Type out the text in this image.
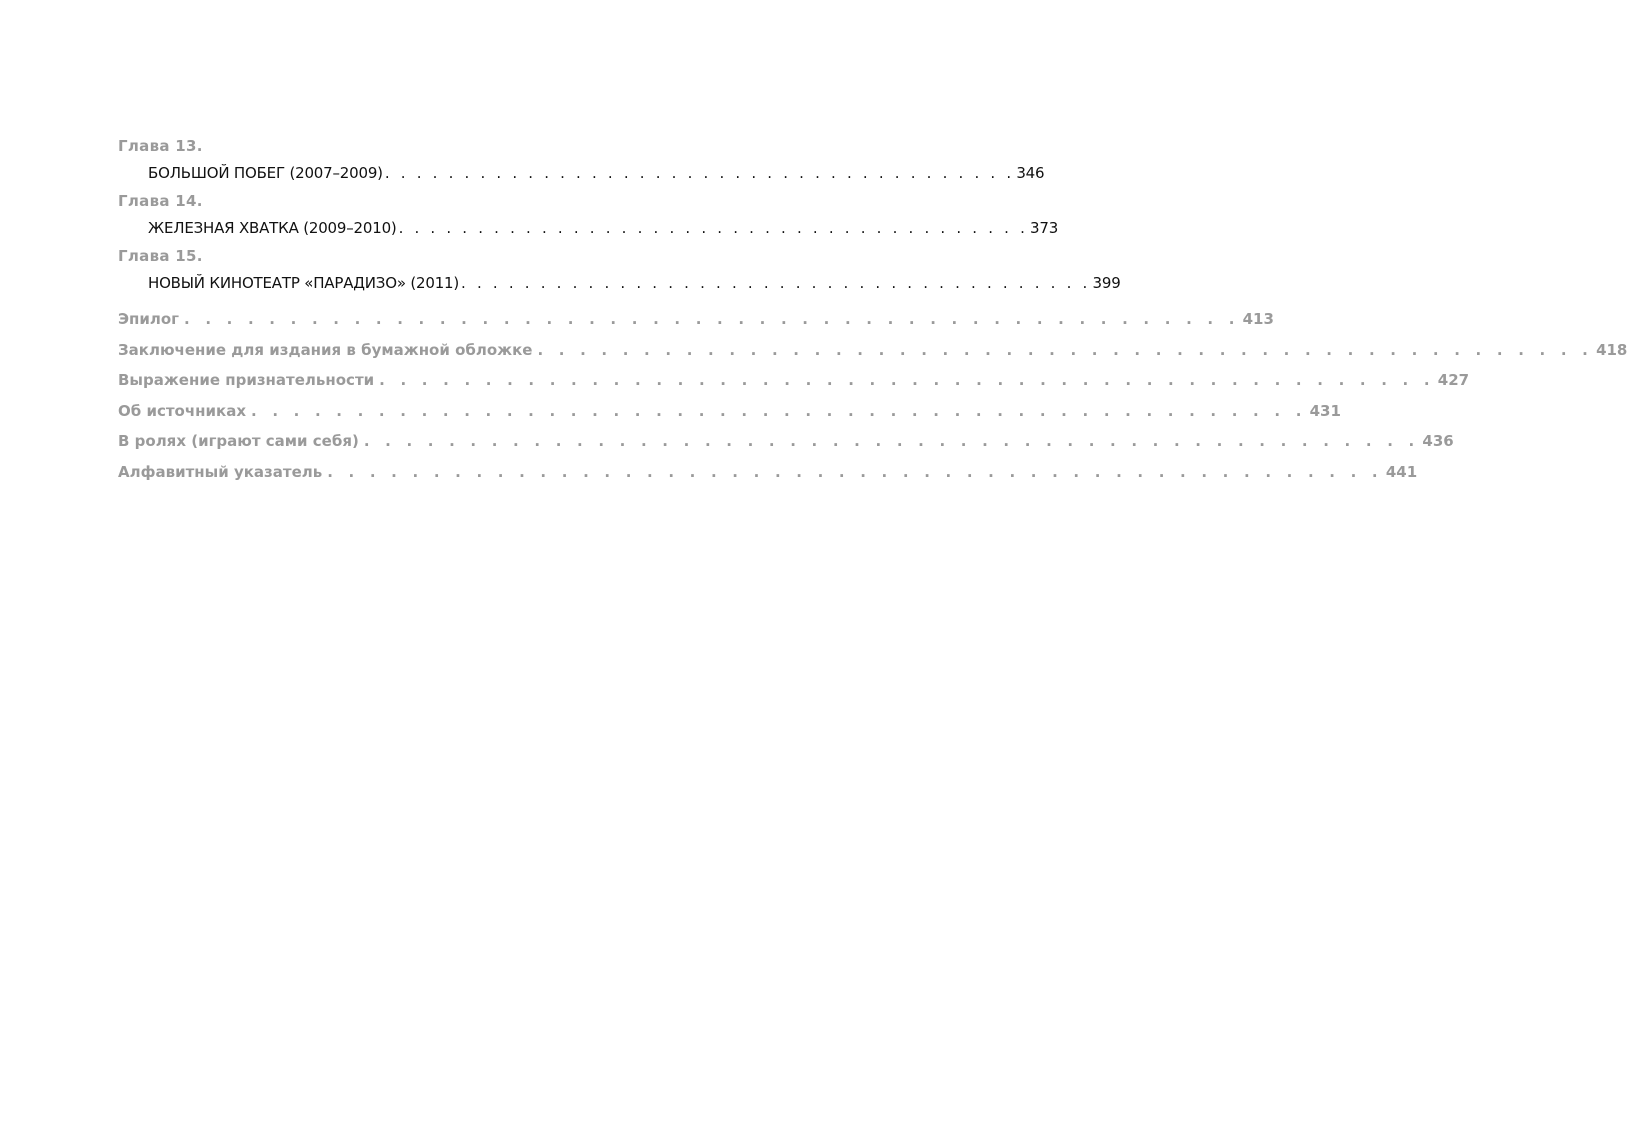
Глава 13.
БОЛЬШОЙ ПОБЕГ (2007–2009) . . . . . . . . . . . . . . . . . . . . . . . . . . . . . . . . . . . . . . . . 346
Глава 14.
ЖЕЛЕЗНАЯ ХВАТКА (2009–2010) . . . . . . . . . . . . . . . . . . . . . . . . . . . . . . . . . . . . . . . . 373
Глава 15.
НОВЫЙ КИНОТЕАТР «ПАРАДИЗО» (2011) . . . . . . . . . . . . . . . . . . . . . . . . . . . . . . . . . . . . . . . . 399
Эпилог . . . . . . . . . . . . . . . . . . . . . . . . . . . . . . . . . . . . . . . . . . . . . . . . . . 413
Заключение для издания в бумажной обложке . . . . . . . . . . . . . . . . . . . . . . . . . . . . . . . . . . . . . . . . . . . . . . . . . . 418
Выражение признательности . . . . . . . . . . . . . . . . . . . . . . . . . . . . . . . . . . . . . . . . . . . . . . . . . . 427
Об источниках . . . . . . . . . . . . . . . . . . . . . . . . . . . . . . . . . . . . . . . . . . . . . . . . . . 431
В ролях (играют сами себя) . . . . . . . . . . . . . . . . . . . . . . . . . . . . . . . . . . . . . . . . . . . . . . . . . . 436
Алфавитный указатель . . . . . . . . . . . . . . . . . . . . . . . . . . . . . . . . . . . . . . . . . . . . . . . . . . 441
